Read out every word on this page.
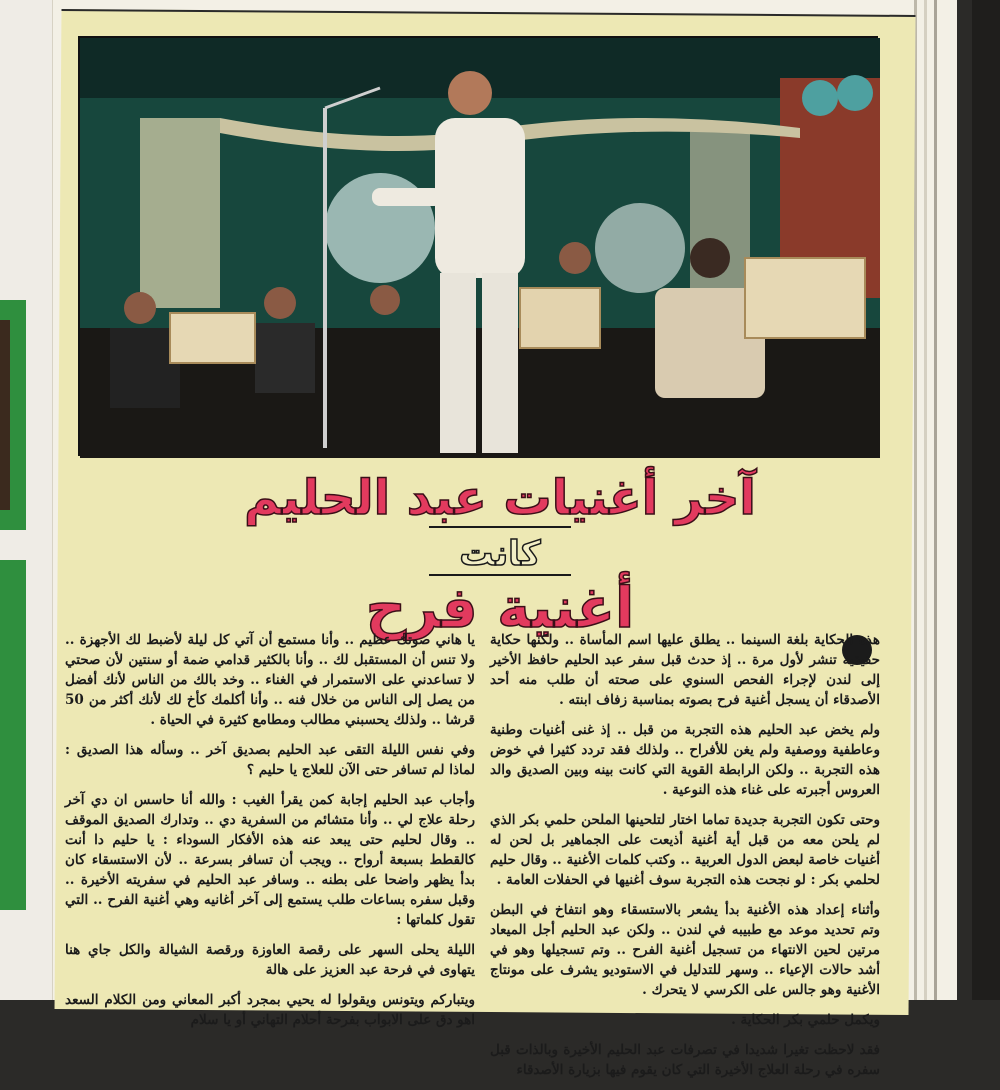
آخر أغنيات عبد الحليم
كانت
أغنية فرح

هذه الحكاية بلغة السينما .. يطلق عليها اسم المأساة .. ولكنها حكاية حقيقية تنشر لأول مرة .. إذ حدث قبل سفر عبد الحليم حافظ الأخير إلى لندن لإجراء الفحص السنوي على صحته أن طلب منه أحد الأصدقاء أن يسجل أغنية فرح بصوته بمناسبة زفاف ابنته .

ولم يخض عبد الحليم هذه التجربة من قبل .. إذ غنى أغنيات وطنية وعاطفية ووصفية ولم يغن للأفراح .. ولذلك فقد تردد كثيرا في خوض هذه التجربة .. ولكن الرابطة القوية التي كانت بينه وبين الصديق والد العروس أجبرته على غناء هذه النوعية .

وحتى تكون التجربة جديدة تماما اختار لتلحينها الملحن حلمي بكر الذي لم يلحن معه من قبل أية أغنية أذيعت على الجماهير بل لحن له أغنيات خاصة لبعض الدول العربية .. وكتب كلمات الأغنية .. وقال حليم لحلمي بكر : لو نجحت هذه التجربة سوف أغنيها في الحفلات العامة .

وأثناء إعداد هذه الأغنية بدأ يشعر بالاستسقاء وهو انتفاخ في البطن وتم تحديد موعد مع طبيبه في لندن .. ولكن عبد الحليم أجل الميعاد مرتين لحين الانتهاء من تسجيل أغنية الفرح .. وتم تسجيلها وهو في أشد حالات الإعياء .. وسهر للتدليل في الاستوديو يشرف على مونتاج الأغنية وهو جالس على الكرسي لا يتحرك .

ويكمل حلمي بكر الحكاية .

فقد لاحظت تغيرا شديدا في تصرفات عبد الحليم الأخيرة وبالذات قبل سفره في رحلة العلاج الأخيرة التي كان يقوم فيها بزيارة الأصدقاء

يا هاني صوتك عظيم .. وأنا مستمع أن آتي كل ليلة لأضبط لك الأجهزة .. ولا تنس أن المستقبل لك .. وأنا بالكثير قدامي ضمة أو سنتين لأن صحتي لا تساعدني على الاستمرار في الغناء .. وخد بالك من الناس لأنك أفضل من يصل إلى الناس من خلال فنه .. وأنا أكلمك كأخ لك لأنك أكثر من 50 قرشا .. ولذلك يحسبني مطالب ومطامع كثيرة في الحياة .

وفي نفس الليلة التقى عبد الحليم بصديق آخر .. وسأله هذا الصديق : لماذا لم تسافر حتى الآن للعلاج يا حليم ؟

وأجاب عبد الحليم إجابة كمن يقرأ الغيب : والله أنا حاسس ان دي آخر رحلة علاج لي .. وأنا متشائم من السفرية دي .. وتدارك الصديق الموقف .. وقال لحليم حتى يبعد عنه هذه الأفكار السوداء : يا حليم دا أنت كالقطط بسبعة أرواح .. ويجب أن تسافر بسرعة .. لأن الاستسقاء كان بدأ يظهر واضحا على بطنه .. وسافر عبد الحليم في سفريته الأخيرة .. وقبل سفره بساعات طلب يستمع إلى آخر أغانيه وهي أغنية الفرح .. التي تقول كلماتها :

الليلة يحلى السهر على رقصة العاوزة ورقصة الشيالة والكل جاي هنا يتهاوى في فرحة عبد العزيز على هالة

ويتباركم ويتونس ويقولوا له يحيي بمجرد أكبر المعاني ومن الكلام السعد اهو دق على الابواب بفرحة أحلام التهاني أو يا سلام
